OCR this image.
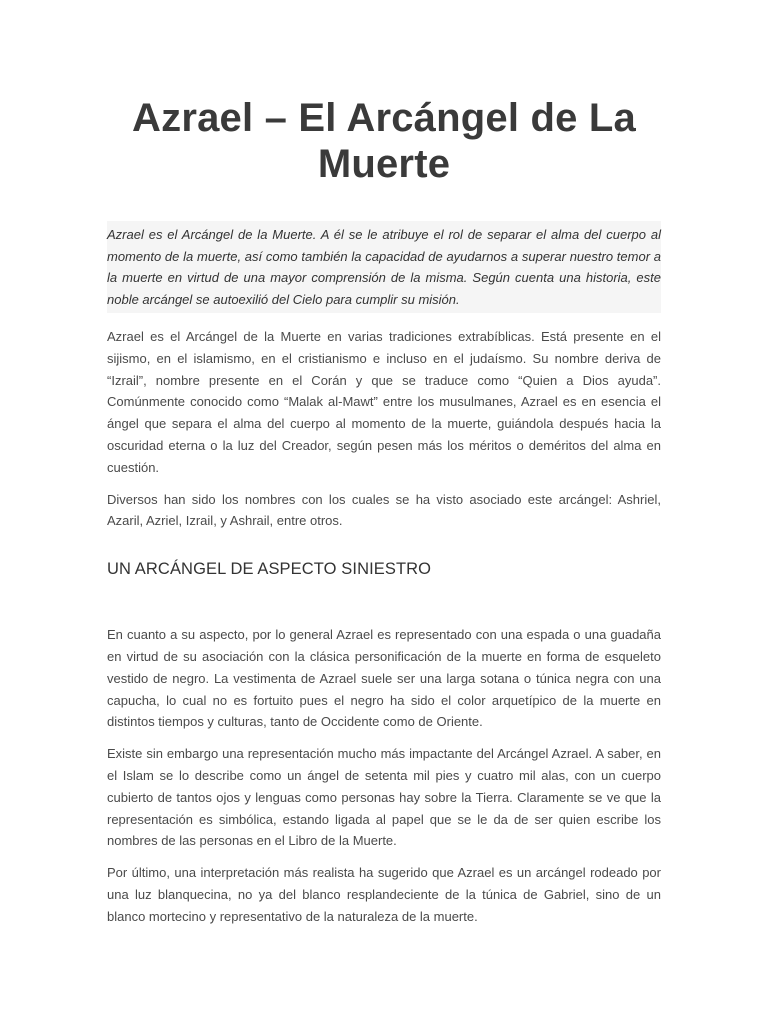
Azrael – El Arcángel de La Muerte
Azrael es el Arcángel de la Muerte. A él se le atribuye el rol de separar el alma del cuerpo al momento de la muerte, así como también la capacidad de ayudarnos a superar nuestro temor a la muerte en virtud de una mayor comprensión de la misma. Según cuenta una historia, este noble arcángel se autoexilió del Cielo para cumplir su misión.

Azrael es el Arcángel de la Muerte en varias tradiciones extrabíblicas. Está presente en el sijismo, en el islamismo, en el cristianismo e incluso en el judaísmo. Su nombre deriva de “Izrail”, nombre presente en el Corán y que se traduce como “Quien a Dios ayuda”. Comúnmente conocido como “Malak al-Mawt” entre los musulmanes, Azrael es en esencia el ángel que separa el alma del cuerpo al momento de la muerte, guiándola después hacia la oscuridad eterna o la luz del Creador, según pesen más los méritos o deméritos del alma en cuestión.

Diversos han sido los nombres con los cuales se ha visto asociado este arcángel: Ashriel, Azaril, Azriel, Izrail, y Ashrail, entre otros.

UN ARCÁNGEL DE ASPECTO SINIESTRO

En cuanto a su aspecto, por lo general Azrael es representado con una espada o una guadaña en virtud de su asociación con la clásica personificación de la muerte en forma de esqueleto vestido de negro. La vestimenta de Azrael suele ser una larga sotana o túnica negra con una capucha, lo cual no es fortuito pues el negro ha sido el color arquetípico de la muerte en distintos tiempos y culturas, tanto de Occidente como de Oriente.

Existe sin embargo una representación mucho más impactante del Arcángel Azrael. A saber, en el Islam se lo describe como un ángel de setenta mil pies y cuatro mil alas, con un cuerpo cubierto de tantos ojos y lenguas como personas hay sobre la Tierra. Claramente se ve que la representación es simbólica, estando ligada al papel que se le da de ser quien escribe los nombres de las personas en el Libro de la Muerte.

Por último, una interpretación más realista ha sugerido que Azrael es un arcángel rodeado por una luz blanquecina, no ya del blanco resplandeciente de la túnica de Gabriel, sino de un blanco mortecino y representativo de la naturaleza de la muerte.
